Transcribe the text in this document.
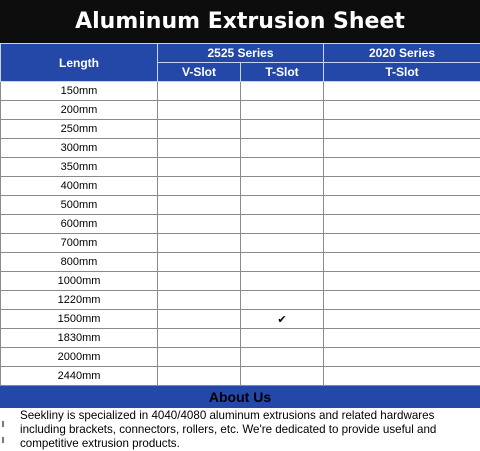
Aluminum Extrusion Sheet
Length	2525 Series		2020 Series
	V-Slot	T-Slot	T-Slot
150mm			
200mm			
250mm			
300mm			
350mm			
400mm			
500mm			
600mm			
700mm			
800mm			
1000mm			
1220mm			
1500mm		✔	
1830mm			
2000mm			
2440mm			
About Us
Seekliny is specialized in 4040/4080 aluminum extrusions and related hardwares including brackets, connectors, rollers, etc. We're dedicated to provide useful and competitive extrusion products.
